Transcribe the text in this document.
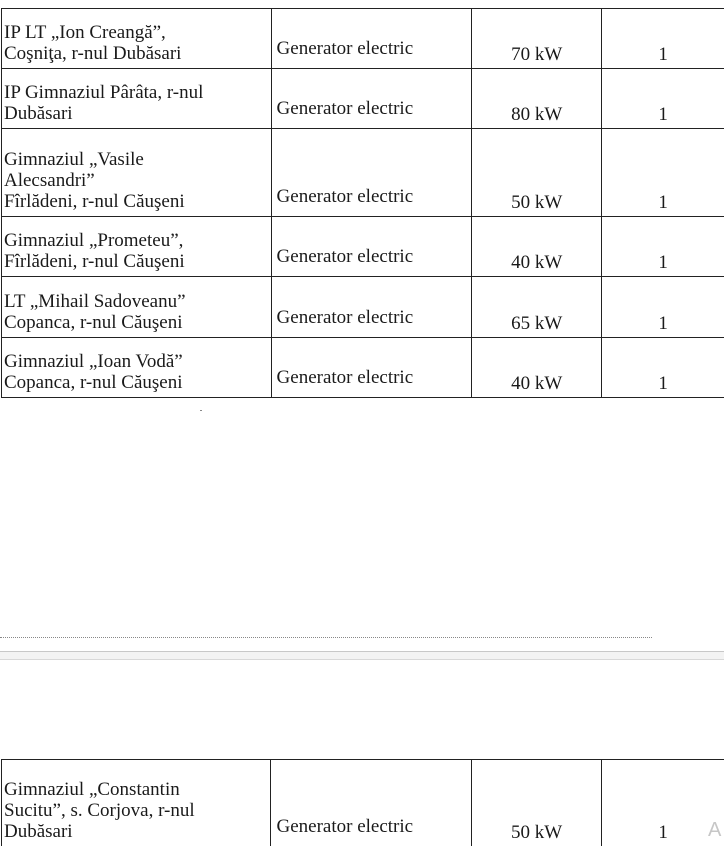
IP LT „Ion Creangă”,
Coşniţa, r-nul Dubăsari	Generator electric	70 kW	1

IP Gimnaziul Pârâta, r-nul
Dubăsari	Generator electric	80 kW	1

Gimnaziul „Vasile
Alecsandri”
Fîrlădeni, r-nul Căuşeni	Generator electric	50 kW	1

Gimnaziul „Prometeu”,
Fîrlădeni, r-nul Căuşeni	Generator electric	40 kW	1

LT „Mihail Sadoveanu”
Copanca, r-nul Căuşeni	Generator electric	65 kW	1

Gimnaziul „Ioan Vodă”
Copanca, r-nul Căuşeni	Generator electric	40 kW	1
Gimnaziul „Constantin
Sucitu”, s. Corjova, r-nul
Dubăsari	Generator electric	50 kW	1 A
